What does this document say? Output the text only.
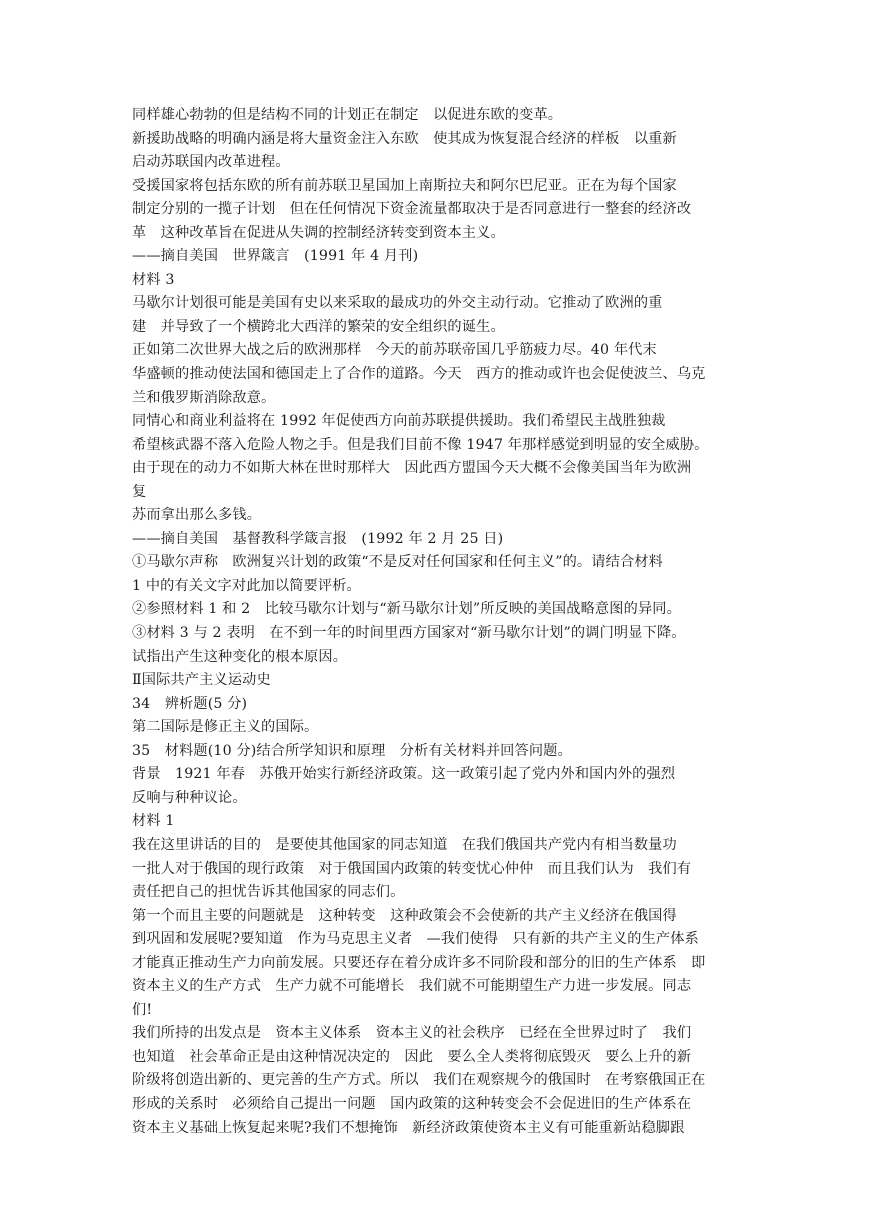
同样雄心勃勃的但是结构不同的计划正在制定　以促进东欧的变革。
新援助战略的明确内涵是将大量资金注入东欧　使其成为恢复混合经济的样板　以重新
启动苏联国内改革进程。
受援国家将包括东欧的所有前苏联卫星国加上南斯拉夫和阿尔巴尼亚。正在为每个国家
制定分别的一揽子计划　但在任何情况下资金流量都取决于是否同意进行一整套的经济改
革　这种改革旨在促进从失调的控制经济转变到资本主义。
——摘自美国　世界箴言　(1991 年 4 月刊)
材料 3
马歇尔计划很可能是美国有史以来采取的最成功的外交主动行动。它推动了欧洲的重
建　并导致了一个横跨北大西洋的繁荣的安全组织的诞生。
正如第二次世界大战之后的欧洲那样　今天的前苏联帝国几乎筋疲力尽。40 年代末
华盛顿的推动使法国和德国走上了合作的道路。今天　西方的推动或许也会促使波兰、乌克
兰和俄罗斯消除敌意。
同情心和商业利益将在 1992 年促使西方向前苏联提供援助。我们希望民主战胜独裁
希望核武器不落入危险人物之手。但是我们目前不像 1947 年那样感觉到明显的安全威胁。
由于现在的动力不如斯大林在世时那样大　因此西方盟国今天大概不会像美国当年为欧洲
复
苏而拿出那么多钱。
——摘自美国　基督教科学箴言报　(1992 年 2 月 25 日)
①马歇尔声称　欧洲复兴计划的政策“不是反对任何国家和任何主义”的。请结合材料
1 中的有关文字对此加以简要评析。
②参照材料 1 和 2　比较马歇尔计划与“新马歇尔计划”所反映的美国战略意图的异同。
③材料 3 与 2 表明　在不到一年的时间里西方国家对“新马歇尔计划”的调门明显下降。
试指出产生这种变化的根本原因。
Ⅱ国际共产主义运动史
34　辨析题(5 分)
第二国际是修正主义的国际。
35　材料题(10 分)结合所学知识和原理　分析有关材料并回答问题。
背景　1921 年春　苏俄开始实行新经济政策。这一政策引起了党内外和国内外的强烈
反响与种种议论。
材料 1
我在这里讲话的目的　是要使其他国家的同志知道　在我们俄国共产党内有相当数量功
一批人对于俄国的现行政策　对于俄国国内政策的转变忧心仲仲　而且我们认为　我们有
责任把自己的担忧告诉其他国家的同志们。
第一个而且主要的问题就是　这种转变　这种政策会不会使新的共产主义经济在俄国得
到巩固和发展呢?要知道　作为马克思主义者　—我们使得　只有新的共产主义的生产体系
才能真正推动生产力向前发展。只要还存在着分成许多不同阶段和部分的旧的生产体系　即
资本主义的生产方式　生产力就不可能增长　我们就不可能期望生产力进一步发展。同志
们!
我们所持的出发点是　资本主义体系　资本主义的社会秩序　已经在全世界过时了　我们
也知道　社会革命正是由这种情况决定的　因此　要么全人类将彻底毁灭　要么上升的新
阶级将创造出新的、更完善的生产方式。所以　我们在观察规今的俄国时　在考察俄国正在
形成的关系时　必须给自己提出一问题　国内政策的这种转变会不会促进旧的生产体系在
资本主义基础上恢复起来呢?我们不想掩饰　新经济政策使资本主义有可能重新站稳脚跟
